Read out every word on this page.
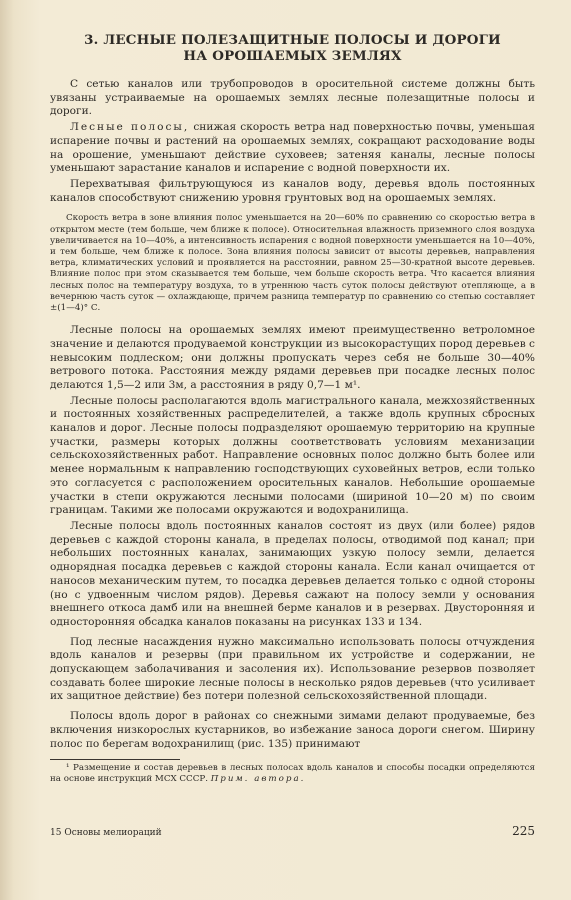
3. ЛЕСНЫЕ ПОЛЕЗАЩИТНЫЕ ПОЛОСЫ И ДОРОГИ
НА ОРОШАЕМЫХ ЗЕМЛЯХ

С сетью каналов или трубопроводов в оросительной системе должны быть увязаны устраиваемые на орошаемых землях лесные полезащитные полосы и дороги.

Лесные полосы, снижая скорость ветра над поверхностью почвы, уменьшая испарение почвы и растений на орошаемых землях, сокращают расходование воды на орошение, уменьшают действие суховеев; затеняя каналы, лесные полосы уменьшают зарастание каналов и испарение с водной поверхности их.

Перехватывая фильтрующуюся из каналов воду, деревья вдоль постоянных каналов способствуют снижению уровня грунтовых вод на орошаемых землях.

Скорость ветра в зоне влияния полос уменьшается на 20—60% по сравнению со скоростью ветра в открытом месте (тем больше, чем ближе к полосе). Относительная влажность приземного слоя воздуха увеличивается на 10—40%, а интенсивность испарения с водной поверхности уменьшается на 10—40%, и тем больше, чем ближе к полосе. Зона влияния полосы зависит от высоты деревьев, направления ветра, климатических условий и проявляется на расстоянии, равном 25—30-кратной высоте деревьев. Влияние полос при этом сказывается тем больше, чем больше скорость ветра. Что касается влияния лесных полос на температуру воздуха, то в утреннюю часть суток полосы действуют отепляюще, а в вечернюю часть суток — охлаждающе, причем разница температур по сравнению со степью составляет ±(1—4)° С.

Лесные полосы на орошаемых землях имеют преимущественно ветроломное значение и делаются продуваемой конструкции из высокорастущих пород деревьев с невысоким подлеском; они должны пропускать через себя не больше 30—40% ветрового потока. Расстояния между рядами деревьев при посадке лесных полос делаются 1,5—2 или 3м, а расстояния в ряду 0,7—1 м¹.

Лесные полосы располагаются вдоль магистрального канала, межхозяйственных и постоянных хозяйственных распределителей, а также вдоль крупных сбросных каналов и дорог. Лесные полосы подразделяют орошаемую территорию на крупные участки, размеры которых должны соответствовать условиям механизации сельскохозяйственных работ. Направление основных полос должно быть более или менее нормальным к направлению господствующих суховейных ветров, если только это согласуется с расположением оросительных каналов. Небольшие орошаемые участки в степи окружаются лесными полосами (шириной 10—20 м) по своим границам. Такими же полосами окружаются и водохранилища.

Лесные полосы вдоль постоянных каналов состоят из двух (или более) рядов деревьев с каждой стороны канала, в пределах полосы, отводимой под канал; при небольших постоянных каналах, занимающих узкую полосу земли, делается однорядная посадка деревьев с каждой стороны канала. Если канал очищается от наносов механическим путем, то посадка деревьев делается только с одной стороны (но с удвоенным числом рядов). Деревья сажают на полосу земли у основания внешнего откоса дамб или на внешней берме каналов и в резервах. Двусторонняя и односторонняя обсадка каналов показаны на рисунках 133 и 134.

Под лесные насаждения нужно максимально использовать полосы отчуждения вдоль каналов и резервы (при правильном их устройстве и содержании, не допускающем заболачивания и засоления их). Использование резервов позволяет создавать более широкие лесные полосы в несколько рядов деревьев (что усиливает их защитное действие) без потери полезной сельскохозяйственной площади.

Полосы вдоль дорог в районах со снежными зимами делают продуваемые, без включения низкорослых кустарников, во избежание заноса дороги снегом. Ширину полос по берегам водохранилищ (рис. 135) принимают

¹ Размещение и состав деревьев в лесных полосах вдоль каналов и способы посадки определяются на основе инструкций МСХ СССР. Прим. автора.

15 Основы мелиораций	225
